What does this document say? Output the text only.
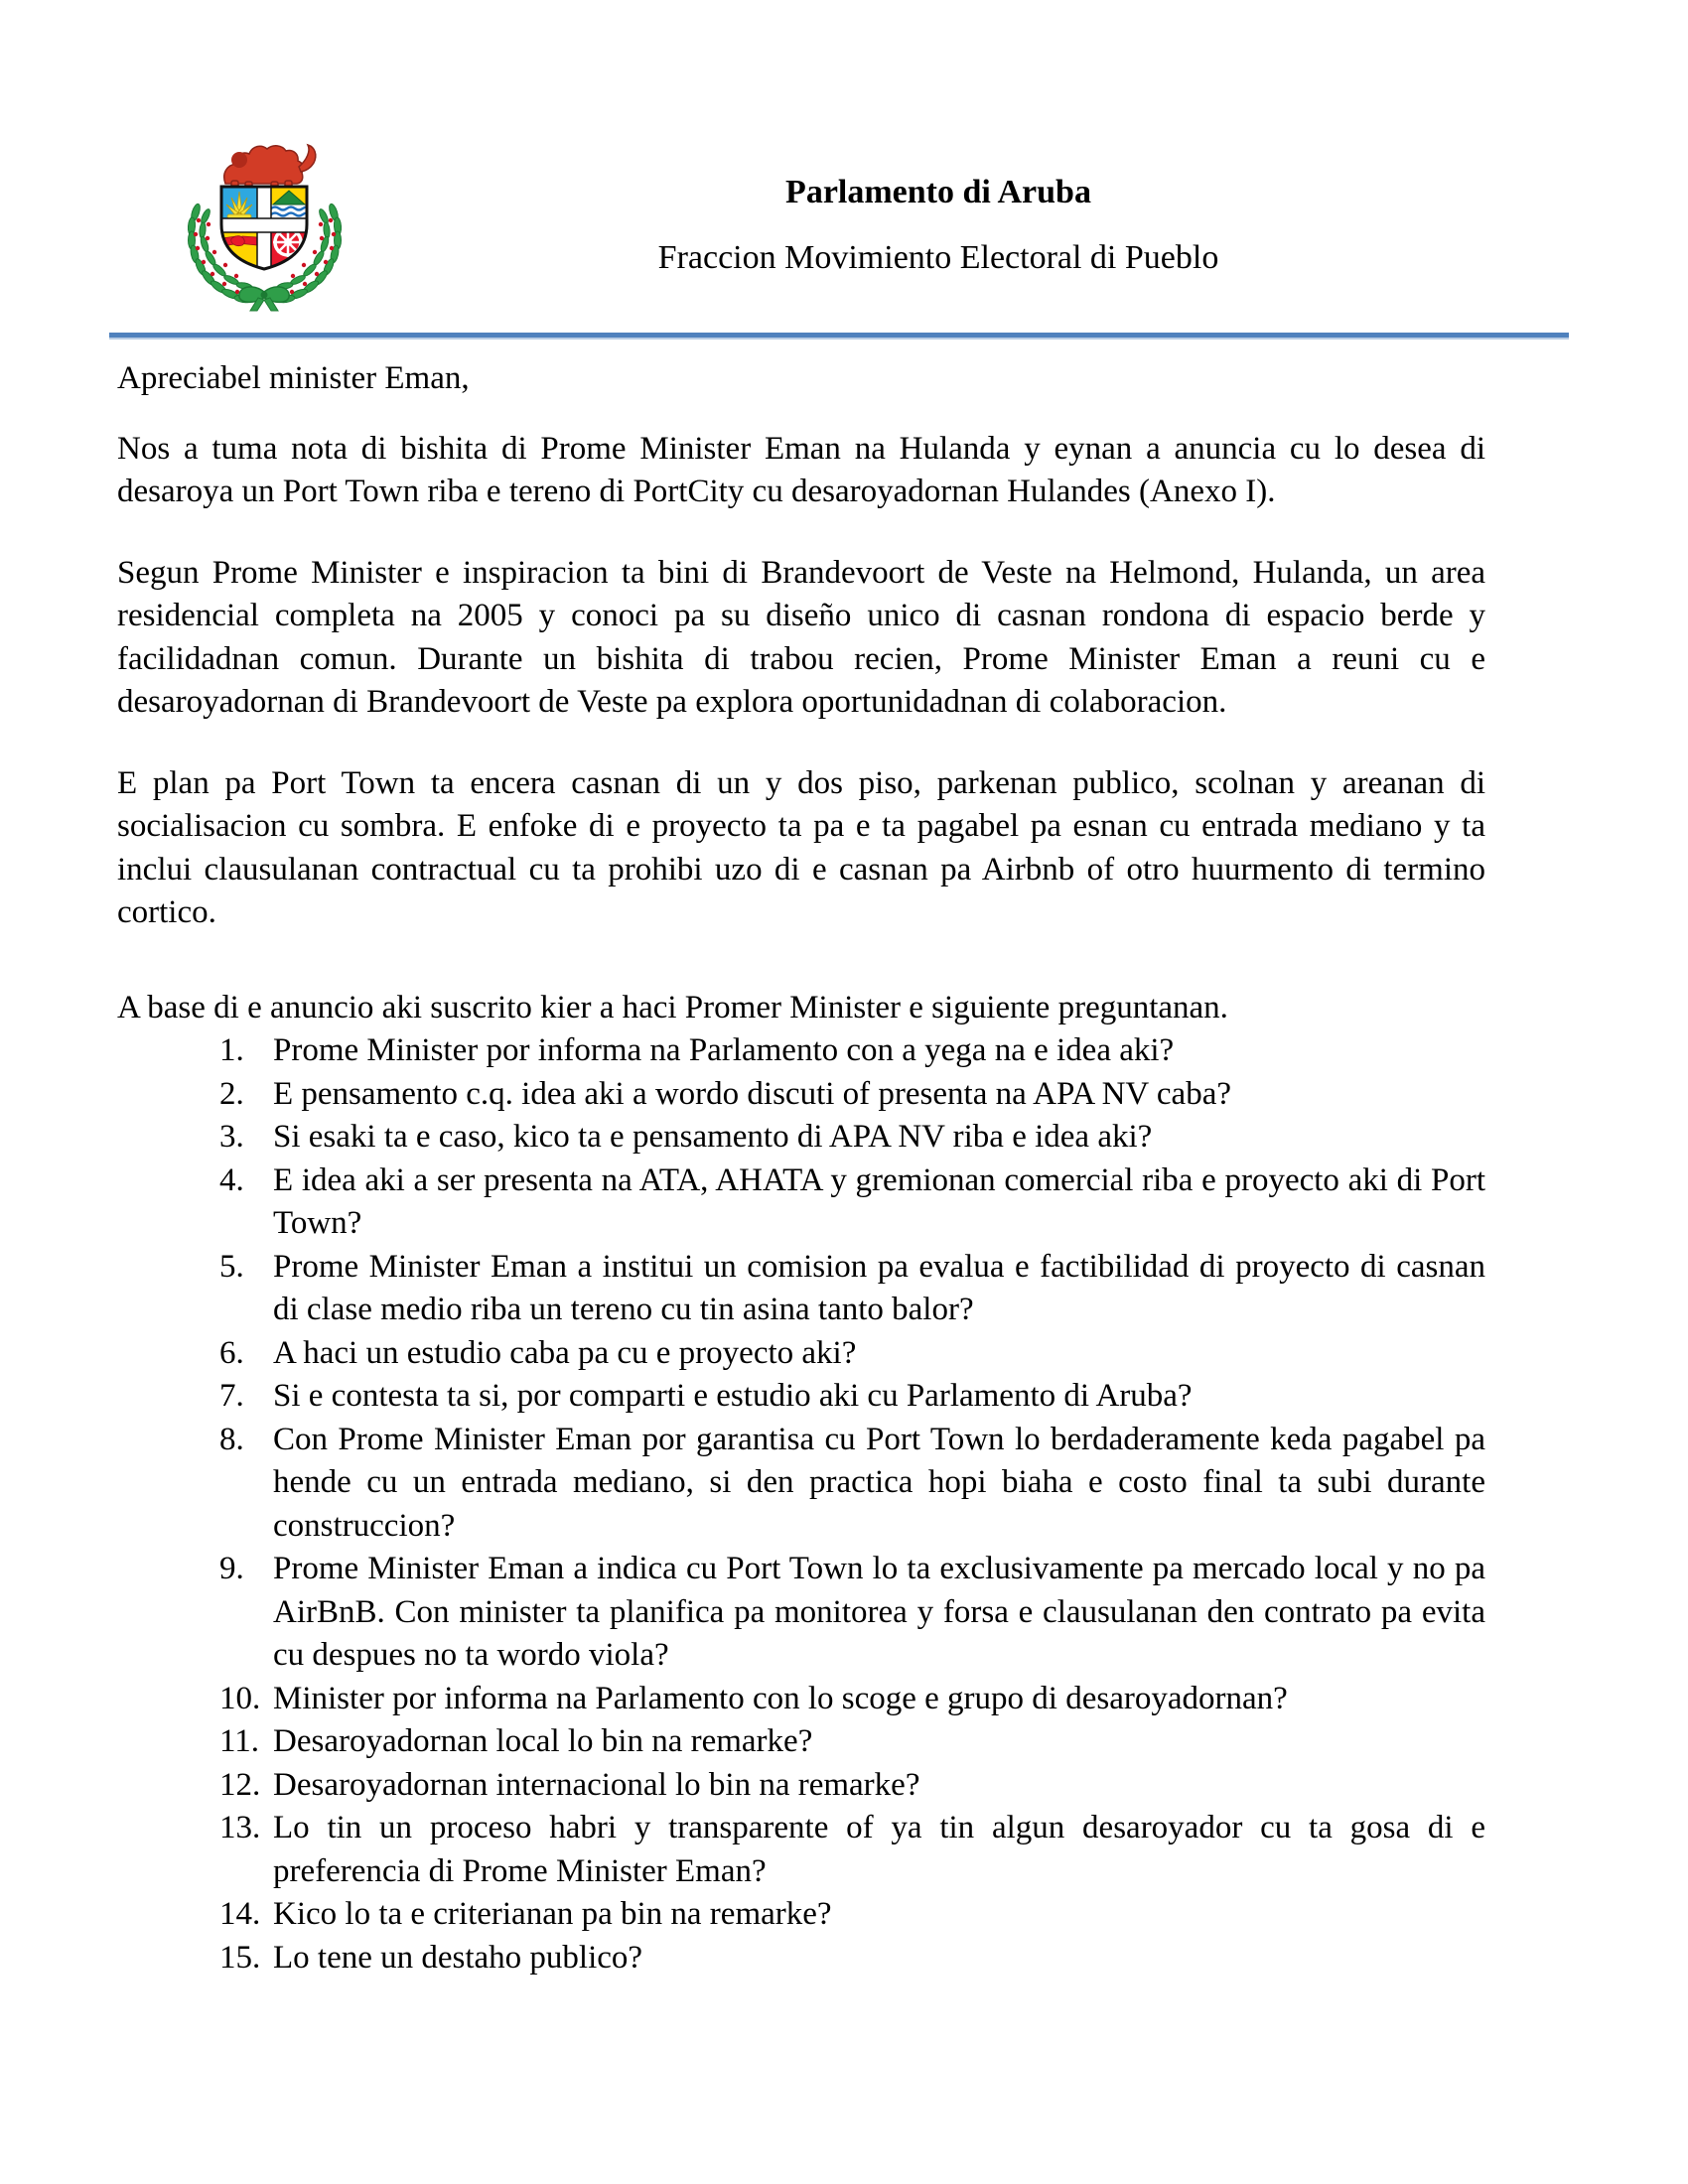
Parlamento di Aruba

Fraccion Movimiento Electoral di Pueblo

Apreciabel minister Eman,

Nos a tuma nota di bishita di Prome Minister Eman na Hulanda y eynan a anuncia cu lo desea di desaroya un Port Town riba e tereno di PortCity cu desaroyadornan Hulandes (Anexo I).

Segun Prome Minister e inspiracion ta bini di Brandevoort de Veste na Helmond, Hulanda, un area residencial completa na 2005 y conoci pa su diseño unico di casnan rondona di espacio berde y facilidadnan comun. Durante un bishita di trabou recien, Prome Minister Eman a reuni cu e desaroyadornan di Brandevoort de Veste pa explora oportunidadnan di colaboracion.

E plan pa Port Town ta encera casnan di un y dos piso, parkenan publico, scolnan y areanan di socialisacion cu sombra. E enfoke di e proyecto ta pa e ta pagabel pa esnan cu entrada mediano y ta inclui clausulanan contractual cu ta prohibi uzo di e casnan pa Airbnb of otro huurmento di termino cortico.

A base di e anuncio aki suscrito kier a haci Promer Minister e siguiente preguntanan.

Prome Minister por informa na Parlamento con a yega na e idea aki?
E pensamento c.q. idea aki a wordo discuti of presenta na APA NV caba?
Si esaki ta e caso, kico ta e pensamento di APA NV riba e idea aki?
E idea aki a ser presenta na ATA, AHATA y gremionan comercial riba e proyecto aki di Port Town?
Prome Minister Eman a institui un comision pa evalua e factibilidad di proyecto di casnan di clase medio riba un tereno cu tin asina tanto balor?
A haci un estudio caba pa cu e proyecto aki?
Si e contesta ta si, por comparti e estudio aki cu Parlamento di Aruba?
Con Prome Minister Eman por garantisa cu Port Town lo berdaderamente keda pagabel pa hende cu un entrada mediano, si den practica hopi biaha e costo final ta subi durante construccion?
Prome Minister Eman a indica cu Port Town lo ta exclusivamente pa mercado local y no pa AirBnB. Con minister ta planifica pa monitorea y forsa e clausulanan den contrato pa evita cu despues no ta wordo viola?
Minister por informa na Parlamento con lo scoge e grupo di desaroyadornan?
Desaroyadornan local lo bin na remarke?
Desaroyadornan internacional lo bin na remarke?
Lo tin un proceso habri y transparente of ya tin algun desaroyador cu ta gosa di e preferencia di Prome Minister Eman?
Kico lo ta e criterianan pa bin na remarke?
Lo tene un destaho publico?
